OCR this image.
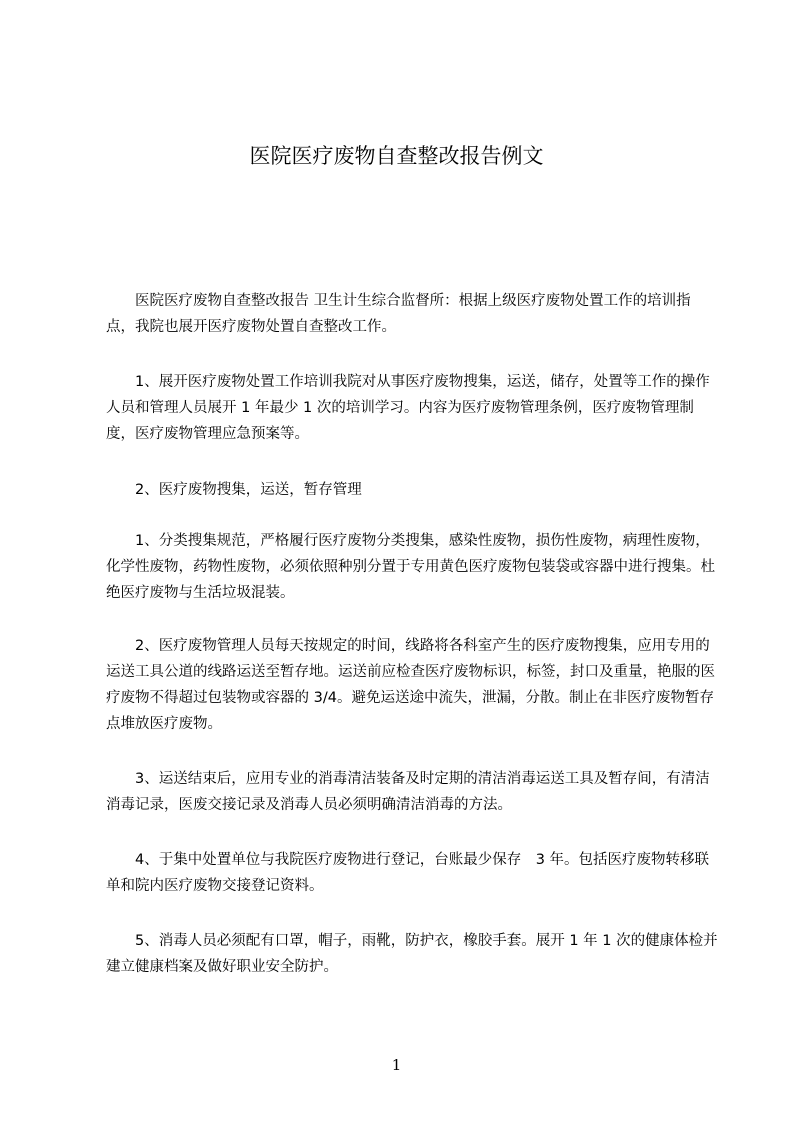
医院医疗废物自查整改报告例文

医院医疗废物自查整改报告 卫生计生综合监督所：根据上级医疗废物处置工作的培训指点，我院也展开医疗废物处置自查整改工作。

1、展开医疗废物处置工作培训我院对从事医疗废物搜集，运送，储存，处置等工作的操作人员和管理人员展开 1 年最少 1 次的培训学习。内容为医疗废物管理条例，医疗废物管理制度，医疗废物管理应急预案等。

2、医疗废物搜集，运送，暂存管理

1、分类搜集规范，严格履行医疗废物分类搜集，感染性废物，损伤性废物，病理性废物，化学性废物，药物性废物，必须依照种别分置于专用黄色医疗废物包装袋或容器中进行搜集。杜绝医疗废物与生活垃圾混装。

2、医疗废物管理人员每天按规定的时间，线路将各科室产生的医疗废物搜集，应用专用的运送工具公道的线路运送至暂存地。运送前应检查医疗废物标识，标签，封口及重量，艳服的医疗废物不得超过包装物或容器的 3/4。避免运送途中流失，泄漏，分散。制止在非医疗废物暂存点堆放医疗废物。

3、运送结束后，应用专业的消毒清洁装备及时定期的清洁消毒运送工具及暂存间，有清洁消毒记录，医废交接记录及消毒人员必须明确清洁消毒的方法。

4、于集中处置单位与我院医疗废物进行登记，台账最少保存　3 年。包括医疗废物转移联单和院内医疗废物交接登记资料。

5、消毒人员必须配有口罩，帽子，雨靴，防护衣，橡胶手套。展开 1 年 1 次的健康体检并建立健康档案及做好职业安全防护。

1
